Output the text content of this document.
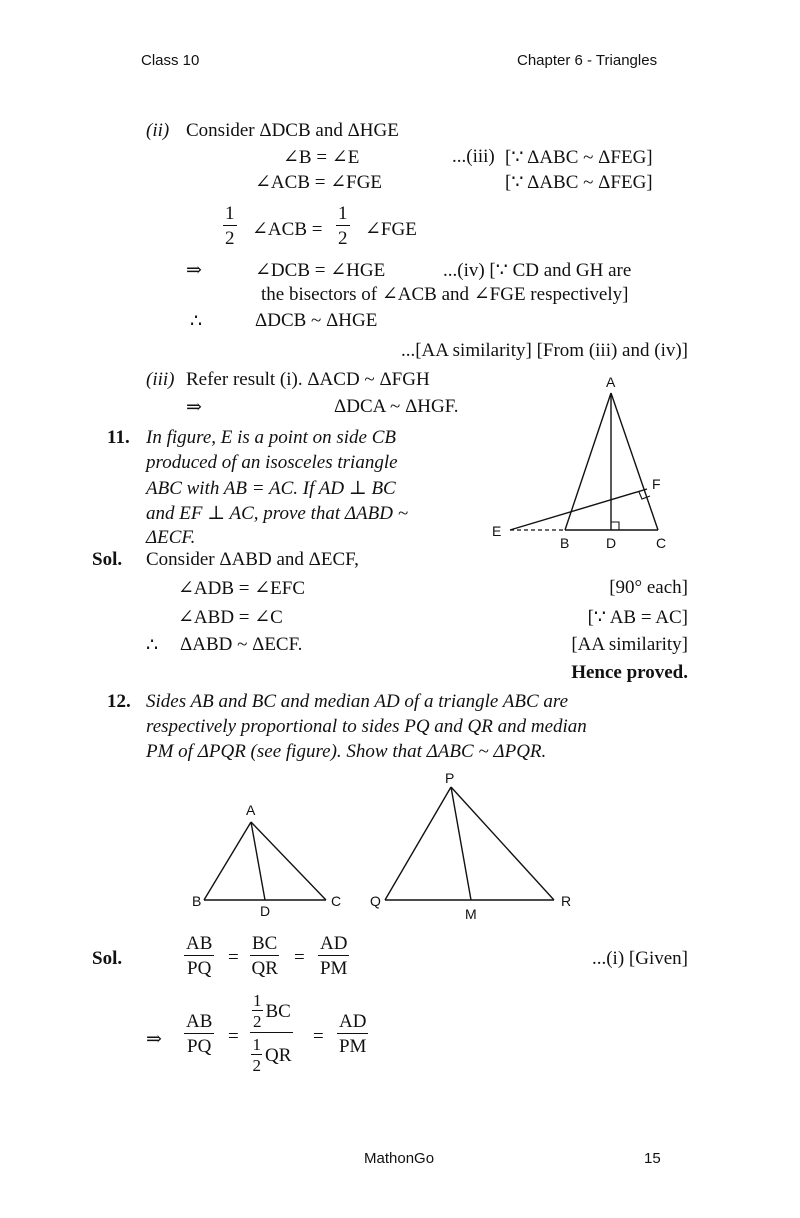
Class 10	Chapter 6 - Triangles
(ii) Consider ΔDCB and ΔHGE
∠B = ∠E	...(iii) [∵ ΔABC ~ ΔFEG]
∠ACB = ∠FGE	[∵ ΔABC ~ ΔFEG]
1
2 ∠ACB =
1
2 ∠FGE
⇒	∠DCB = ∠HGE	...(iv) [∵ CD and GH are
the bisectors of ∠ACB and ∠FGE respectively]
∴	ΔDCB ~ ΔHGE
...[AA similarity] [From (iii) and (iv)]
(iii) Refer result (i). ΔACD ~ ΔFGH
⇒	ΔDCA ~ ΔHGF.
11. In figure, E is a point on side CB
produced of an isosceles triangle
ABC with AB = AC. If AD ⊥ BC
and EF ⊥ AC, prove that ΔABD ~
ΔECF.
A
F
E
B	D	C
Sol. Consider ΔABD and ΔECF,
∠ADB = ∠EFC	[90° each]
∠ABD = ∠C	[∵ AB = AC]
∴ ΔABD ~ ΔECF.	[AA similarity]
Hence proved.
12. Sides AB and BC and median AD of a triangle ABC are
respectively proportional to sides PQ and QR and median
PM of ΔPQR (see figure). Show that ΔABC ~ ΔPQR.
A
B	C
D
P
Q	R
M
Sol.
AB
PQ
=
BC
QR
=
AD
PM	...(i) [Given]
⇒
AB
PQ =
1
2 BC
1
2 QR
=
AD
PM
MathonGo	15
